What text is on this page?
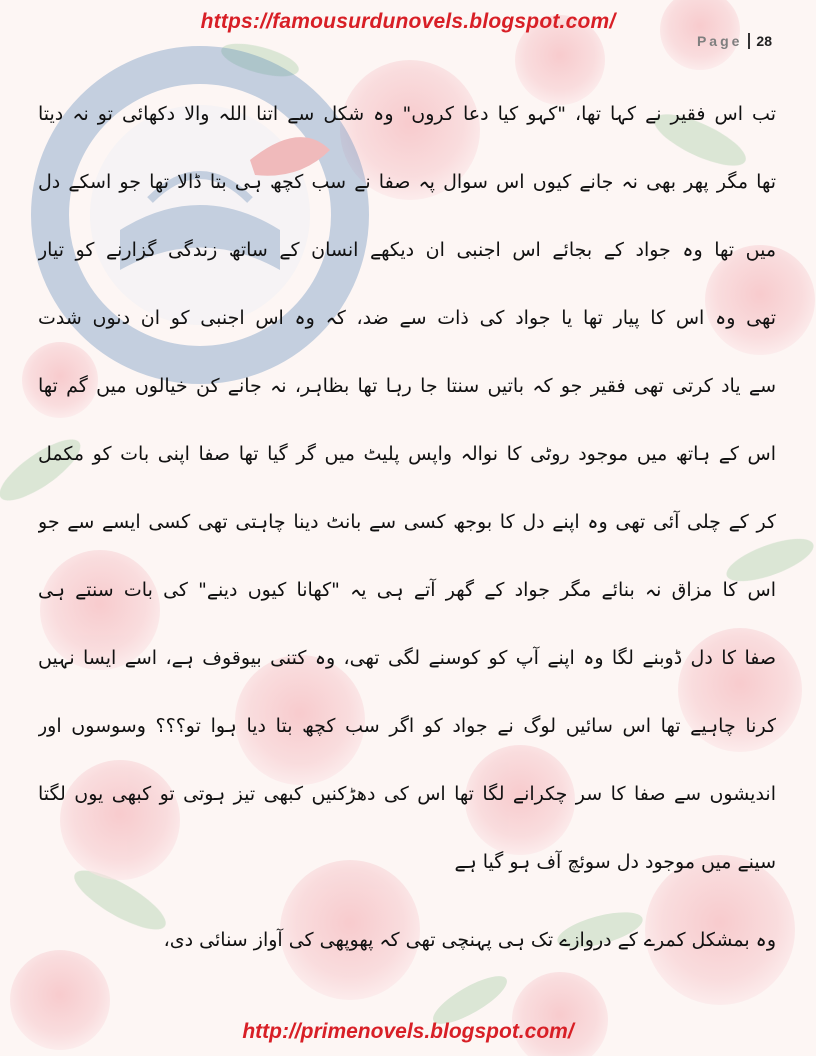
https://famousurdunovels.blogspot.com/
Page 28
تب اس فقیر نے کہا تھا، "کہو کیا دعا کروں" وہ شکل سے اتنا اللہ والا دکھائی تو نہ دیتا
تھا مگر پھر بھی نہ جانے کیوں اس سوال پہ صفا نے سب کچھ ہی بتا ڈالا تھا جو اسکے دل
میں تھا وہ جواد کے بجائے اس اجنبی ان دیکھے انسان کے ساتھ زندگی گزارنے کو تیار
تھی وہ اس کا پیار تھا یا جواد کی ذات سے ضد، کہ وہ اس اجنبی کو ان دنوں شدت
سے یاد کرتی تھی فقیر جو کہ باتیں سنتا جا رہا تھا بظاہر، نہ جانے کن خیالوں میں گم تھا
اس کے ہاتھ میں موجود روٹی کا نوالہ واپس پلیٹ میں گر گیا تھا صفا اپنی بات کو مکمل
کر کے چلی آئی تھی وہ اپنے دل کا بوجھ کسی سے بانٹ دینا چاہتی تھی کسی ایسے سے جو
اس کا مزاق نہ بنائے مگر جواد کے گھر آتے ہی یہ "کھانا کیوں دینے" کی بات سنتے ہی
صفا کا دل ڈوبنے لگا وہ اپنے آپ کو کوسنے لگی تھی، وہ کتنی بیوقوف ہے، اسے ایسا نہیں
کرنا چاہیے تھا اس سائیں لوگ نے جواد کو اگر سب کچھ بتا دیا ہوا تو؟؟؟ وسوسوں اور
اندیشوں سے صفا کا سر چکرانے لگا تھا اس کی دھڑکنیں کبھی تیز ہوتی تو کبھی یوں لگتا
سینے میں موجود دل سوئچ آف ہو گیا ہے
وہ بمشکل کمرے کے دروازے تک ہی پہنچی تھی کہ پھوپھی کی آواز سنائی دی،
http://primenovels.blogspot.com/
